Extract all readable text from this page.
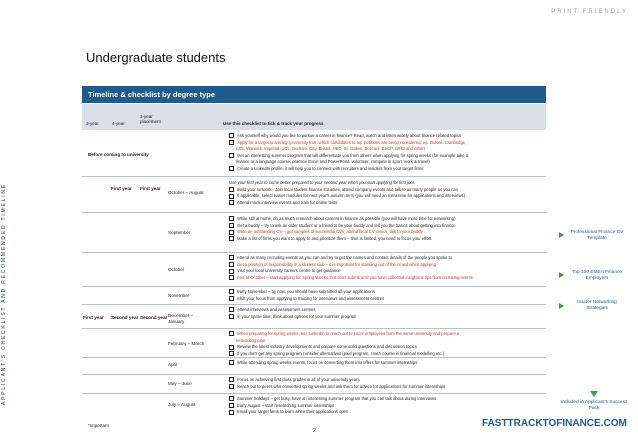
PRINT FRIENDLY
APPLICANT'S CHECKLIST AND RECOMMENDED TIMELINE
Undergraduate students
Timeline & checklist by degree type
3-year	4-year
3-year placement	Use this checklist to tick & track your progress
Before coming to university
First year First year
October – August
September
October
November
First year Second year Second year December – January
February – March
April
May – June
July – August
Ask yourself why would you like to pursue a career in finance? Read, watch and listen widely about finance related topics
Apply for a target university (university from which candidates to top positions are being considered, eg. Oxford, Cambridge,
LSE, Warwick, Imperial, UCL, Durham, City, Bristol, HEC, St. Gallen, Bocconi, ESCP, WHU and other)
Get an interesting summer program that will differentiate you from others when applying for spring weeks (for example take a
finance or a language course, practice Excel and PowerPoint, volunteer, compete in sport, work & travel)
Create a LinkedIn profile, it will help you to connect with recruiters and insiders from your target firms
Use your first year to come better prepared to your second year when you start applying for first jobs
Build your network - Join local student finance societies, attend company events and talk to as many people as you can
If applicable, select easier modules for next year's autumn term (you will need an extra time for applications and interviews)
Attend mock interview events and train for online tests
While still at home, do as much research about careers in finance as possible (you will have more time for networking)
Get a buddy – try to ask an older student or a friend to be your buddy and tell you the basics about getting into finance
Write an outstanding CV – get samples of successful CVs, attend local CV clinics, talk to your buddy
Make a list of firms you want to apply to and prioritize them – time is limited, you need to focus your effort
Attend as many recruiting events as you can and try to get the names and contact details of the people you spoke to
Get a position of responsibility in a student club – it is important for standing out of the crowd when applying
Visit your local university careers centre to get guidance
End of October – start applying for Spring Weeks, but don't submit until you have collected insights & tips from recruiting events
Early November – by now, you should have submitted all your applications
Shift your focus from applying to training for interviews and assessment centres
Attend interviews and assessment centres
In your spare time, think about options for your summer program
When preparing for spring weeks, use LinkedIn to reach out to junior employees from the same university and prepare a
networking plan
Review the latest industry developments and prepare some solid questions and discussion topics
If you don't get any spring program consider alternatives (paid program, crash course in financial modelling etc.)
While attending spring weeks events, focus on converting them into offers for summer internships
Focus on achieving first class grades in all of your university years
Reach out to peers who converted spring weeks and ask them for advice for applications for summer internships
Summer holidays – get busy, have an interesting summer program that you can talk about during interviews
Early August – start researching summer internships
Email your target firms to learn when their applications open
Professional Finance CV Template
Top 100 EMEA Finance Employers
Insider Networking Strategies
Included in Applicant's Success Pack
*Important
2
FASTTRACKTOFINANCE.COM
